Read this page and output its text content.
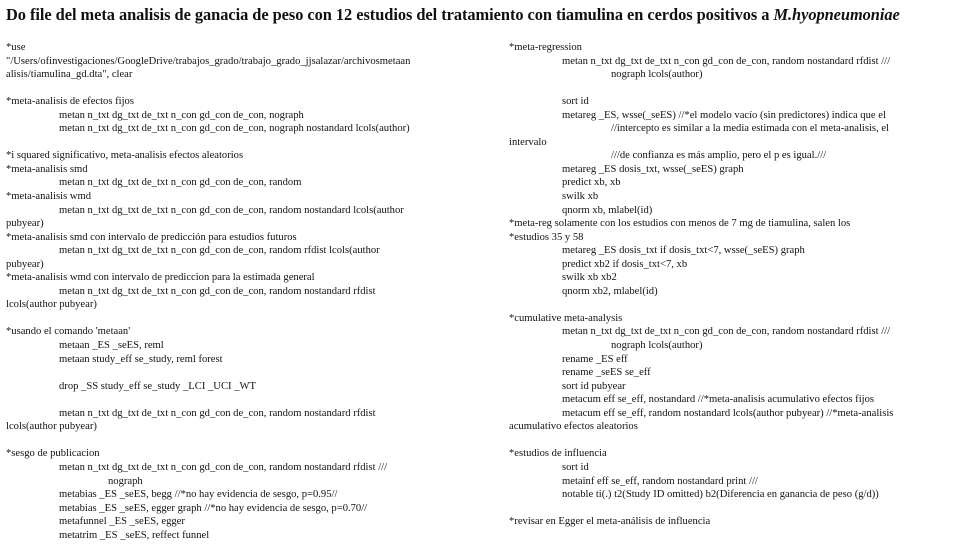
Do file del meta analisis de ganacia de peso con 12 estudios del tratamiento con tiamulina en cerdos positivos a M.hyopneumoniae
*use
"/Users/ofinvestigaciones/GoogleDrive/trabajos_grado/trabajo_grado_jjsalazar/archivosmetaan
alisis/tiamulina_gd.dta", clear
*meta-analisis de efectos fijos
metan n_txt dg_txt de_txt n_con gd_con de_con, nograph
metan n_txt dg_txt de_txt n_con gd_con de_con, nograph nostandard lcols(author)
*i squared significativo, meta-analisis efectos aleatorios
*meta-analisis smd
metan n_txt dg_txt de_txt n_con gd_con de_con, random
*meta-analisis wmd
metan n_txt dg_txt de_txt n_con gd_con de_con, random nostandard lcols(author
pubyear)
*meta-analisis smd con intervalo de predicción para estudios futuros
metan n_txt dg_txt de_txt n_con gd_con de_con, random rfdist lcols(author
pubyear)
*meta-analisis wmd con intervalo de prediccion para la estimada general
metan n_txt dg_txt de_txt n_con gd_con de_con, random nostandard rfdist
lcols(author pubyear)
*usando el comando 'metaan'
metaan _ES _seES, reml
metaan study_eff se_study, reml forest
drop _SS study_eff se_study _LCI _UCI _WT
metan n_txt dg_txt de_txt n_con gd_con de_con, random nostandard rfdist
lcols(author pubyear)
*sesgo de publicacion
metan n_txt dg_txt de_txt n_con gd_con de_con, random nostandard rfdist ///
nograph
metabias _ES _seES, begg //*no hay evidencia de sesgo, p=0.95//
metabias _ES _seES, egger graph //*no hay evidencia de sesgo, p=0.70//
metafunnel _ES _seES, egger
metatrim _ES _seES, reffect funnel
*meta-regression
metan n_txt dg_txt de_txt n_con gd_con de_con, random nostandard rfdist ///
nograph lcols(author)
sort id
metareg _ES, wsse(_seES) //*el modelo vacío (sin predictores) indica que el
//intercepto es similar a la media estimada con el meta-analisis, el
intervalo
///de confianza es más amplio, pero el p es igual.///
metareg _ES dosis_txt, wsse(_seES) graph
predict xb, xb
swilk xb
qnorm xb, mlabel(id)
*meta-reg solamente con los estudios con menos de 7 mg de tiamulina, salen los
*estudios 35 y 58
metareg _ES dosis_txt if dosis_txt<7, wsse(_seES) graph
predict xb2 if dosis_txt<7, xb
swilk xb xb2
qnorm xb2, mlabel(id)
*cumulative meta-analysis
metan n_txt dg_txt de_txt n_con gd_con de_con, random nostandard rfdist ///
nograph lcols(author)
rename _ES eff
rename _seES se_eff
sort id pubyear
metacum eff se_eff, nostandard //*meta-analisis acumulativo efectos fijos
metacum eff se_eff, random nostandard lcols(author pubyear) //*meta-analisis
acumulativo efectos aleatorios
*estudios de influencia
sort id
metainf eff se_eff, random nostandard print ///
notable ti(.) t2(Study ID omitted) b2(Diferencia en ganancia de peso (g/d))
*revisar en Egger el meta-análisis de influencia
